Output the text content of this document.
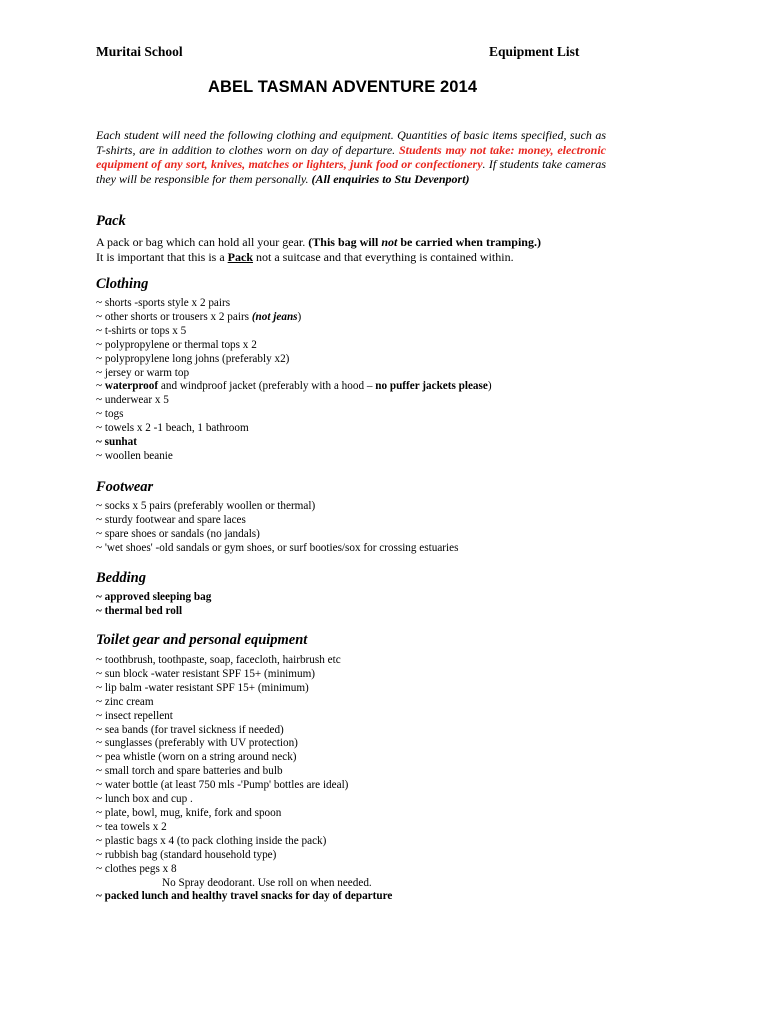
Muritai School	Equipment List
ABEL TASMAN ADVENTURE 2014
Each student will need the following clothing and equipment. Quantities of basic items specified, such as T-shirts, are in addition to clothes worn on day of departure. Students may not take: money, electronic equipment of any sort, knives, matches or lighters, junk food or confectionery. If students take cameras they will be responsible for them personally. (All enquiries to Stu Devenport)
Pack
A pack or bag which can hold all your gear. (This bag will not be carried when tramping.)
It is important that this is a Pack not a suitcase and that everything is contained within.
Clothing
~ shorts -sports style x 2 pairs
~ other shorts or trousers x 2 pairs (not jeans)
~ t-shirts or tops x 5
~ polypropylene or thermal tops x 2
~ polypropylene long johns (preferably x2)
~ jersey or warm top
~ waterproof and windproof jacket (preferably with a hood – no puffer jackets please)
~ underwear x 5
~ togs
~ towels x 2 -1 beach, 1 bathroom
~ sunhat
~ woollen beanie
Footwear
~ socks x 5 pairs (preferably woollen or thermal)
~ sturdy footwear and spare laces
~ spare shoes or sandals (no jandals)
~ 'wet shoes' -old sandals or gym shoes, or surf booties/sox for crossing estuaries
Bedding
~ approved sleeping bag
~ thermal bed roll
Toilet gear and personal equipment
~ toothbrush, toothpaste, soap, facecloth, hairbrush etc
~ sun block -water resistant SPF 15+ (minimum)
~ lip balm -water resistant SPF 15+ (minimum)
~ zinc cream
~ insect repellent
~ sea bands (for travel sickness if needed)
~ sunglasses (preferably with UV protection)
~ pea whistle (worn on a string around neck)
~ small torch and spare batteries and bulb
~ water bottle (at least 750 mls -'Pump' bottles are ideal)
~ lunch box and cup .
~ plate, bowl, mug, knife, fork and spoon
~ tea towels x 2
~ plastic bags x 4 (to pack clothing inside the pack)
~ rubbish bag (standard household type)
~ clothes pegs x 8
No Spray deodorant. Use roll on when needed.
~ packed lunch and healthy travel snacks for day of departure
